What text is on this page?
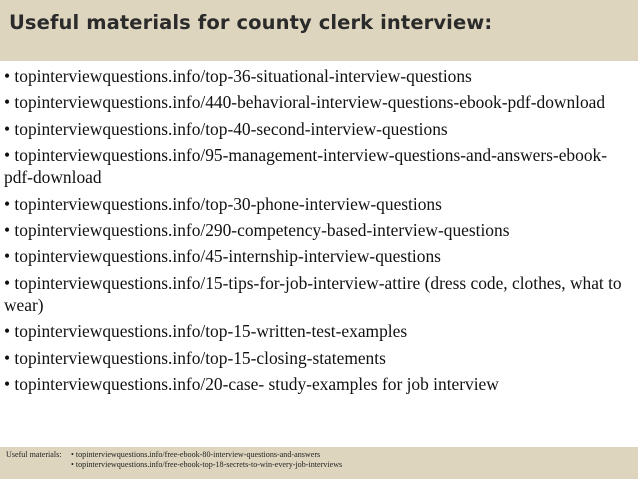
Useful materials for county clerk interview:
• topinterviewquestions.info/top-36-situational-interview-questions
• topinterviewquestions.info/440-behavioral-interview-questions-ebook-pdf-download
• topinterviewquestions.info/top-40-second-interview-questions
• topinterviewquestions.info/95-management-interview-questions-and-answers-ebook-pdf-download
• topinterviewquestions.info/top-30-phone-interview-questions
• topinterviewquestions.info/290-competency-based-interview-questions
• topinterviewquestions.info/45-internship-interview-questions
• topinterviewquestions.info/15-tips-for-job-interview-attire (dress code, clothes, what to wear)
• topinterviewquestions.info/top-15-written-test-examples
• topinterviewquestions.info/top-15-closing-statements
• topinterviewquestions.info/20-case- study-examples for job interview
Useful materials:	• topinterviewquestions.info/free-ebook-80-interview-questions-and-answers
• topinterviewquestions.info/free-ebook-top-18-secrets-to-win-every-job-interviews
